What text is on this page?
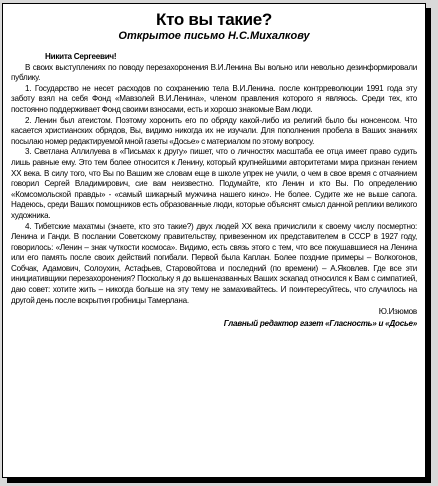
Кто вы такие?

Открытое письмо Н.С.Михалкову

Никита Сергеевич!

В своих выступлениях по поводу перезахоронения В.И.Ленина Вы вольно или невольно дезинформировали публику.

1. Государство не несет расходов по сохранению тела В.И.Ленина. после контрреволюции 1991 года эту заботу взял на себя Фонд «Мавзолей В.И.Ленина», членом правления которого я являюсь. Среди тех, кто постоянно поддерживает Фонд своими взносами, есть и хорошо знакомые Вам люди.

2. Ленин был атеистом. Поэтому хоронить его по обряду какой-либо из религий было бы нонсенсом. Что касается христианских обрядов, Вы, видимо никогда их не изучали. Для пополнения пробела в Ваших знаниях посылаю номер редактируемой мной газеты «Досье» с материалом по этому вопросу.

3. Светлана Аллилуева в «Письмах к другу» пишет, что о личностях масштаба ее отца имеет право судить лишь равные ему. Это тем более относится к Ленину, который крупнейшими авторитетами мира признан гением XX века. В силу того, что Вы по Вашим же словам еще в школе упрек не учили, о чем в свое время с отчаянием говорил Сергей Владимирович, сие вам неизвестно. Подумайте, кто Ленин и кто Вы. По определению «Комсомольской правды» - «самый шикарный мужчина нашего кино». Не более. Судите же не выше сапога. Надеюсь, среди Ваших помощников есть образованные люди, которые объяснят смысл данной реплики великого художника.

4. Тибетские махатмы (знаете, кто это такие?) двух людей XX века причислили к своему чиcлу посмертно: Ленина и Ганди. В послании Советскому правительству, привезенном их представителем в СССР в 1927 году, говорилось: «Ленин – знак чуткости космоса». Видимо, есть связь этого с тем, что все покушавшиеся на Ленина или его память после своих действий погибали. Первой была Каплан. Более поздние примеры – Волкогонов, Собчак, Адамович, Солоухин, Астафьев, Старовойтова и последний (по времени) – А.Яковлев. Где все эти инициативщики перезахоронения? Поскольку я до вышеназванных Ваших эскапад относился к Вам с симпатией, даю совет: хотите жить – никогда больше на эту тему не замахивайтесь. И поинтересуйтесь, что случилось на другой день после вскрытия гробницы Тамерлана.

Ю.Изюмов

Главный редактор газет «Гласность» и «Досье»
